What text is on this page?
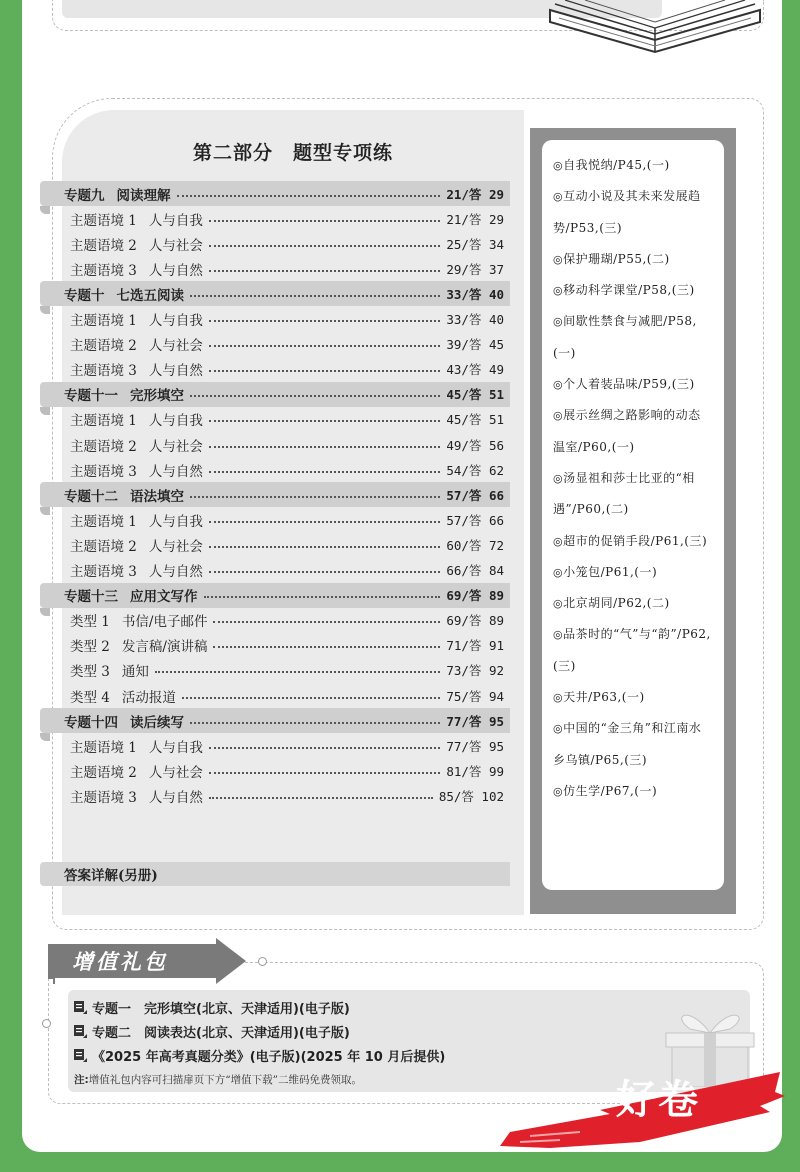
第二部分　题型专项练
专题九 阅读理解	21/答 29
主题语境 1 人与自我	21/答 29
主题语境 2 人与社会	25/答 34
主题语境 3 人与自然	29/答 37
专题十 七选五阅读	33/答 40
主题语境 1 人与自我	33/答 40
主题语境 2 人与社会	39/答 45
主题语境 3 人与自然	43/答 49
专题十一 完形填空	45/答 51
主题语境 1 人与自我	45/答 51
主题语境 2 人与社会	49/答 56
主题语境 3 人与自然	54/答 62
专题十二 语法填空	57/答 66
主题语境 1 人与自我	57/答 66
主题语境 2 人与社会	60/答 72
主题语境 3 人与自然	66/答 84
专题十三 应用文写作	69/答 89
类型 1 书信/电子邮件	69/答 89
类型 2 发言稿/演讲稿	71/答 91
类型 3 通知	73/答 92
类型 4 活动报道	75/答 94
专题十四 读后续写	77/答 95
主题语境 1 人与自我	77/答 95
主题语境 2 人与社会	81/答 99
主题语境 3 人与自然	85/答 102
答案详解(另册)
◎自我悦纳/P45,(一)
◎互动小说及其未来发展趋势/P53,(三)
◎保护珊瑚/P55,(二)
◎移动科学课堂/P58,(三)
◎间歇性禁食与减肥/P58,(一)
◎个人着装品味/P59,(三)
◎展示丝绸之路影响的动态温室/P60,(一)
◎汤显祖和莎士比亚的“相遇”/P60,(二)
◎超市的促销手段/P61,(三)
◎小笼包/P61,(一)
◎北京胡同/P62,(二)
◎品茶时的“气”与“韵”/P62,(三)
◎天井/P63,(一)
◎中国的“金三角”和江南水乡乌镇/P65,(三)
◎仿生学/P67,(一)
增值礼包
专题一　完形填空(北京、天津适用)(电子版)
专题二　阅读表达(北京、天津适用)(电子版)
《2025 年高考真题分类》(电子版)(2025 年 10 月后提供)
注:增值礼包内容可扫描扉页下方“增值下载”二维码免费领取。	好卷
